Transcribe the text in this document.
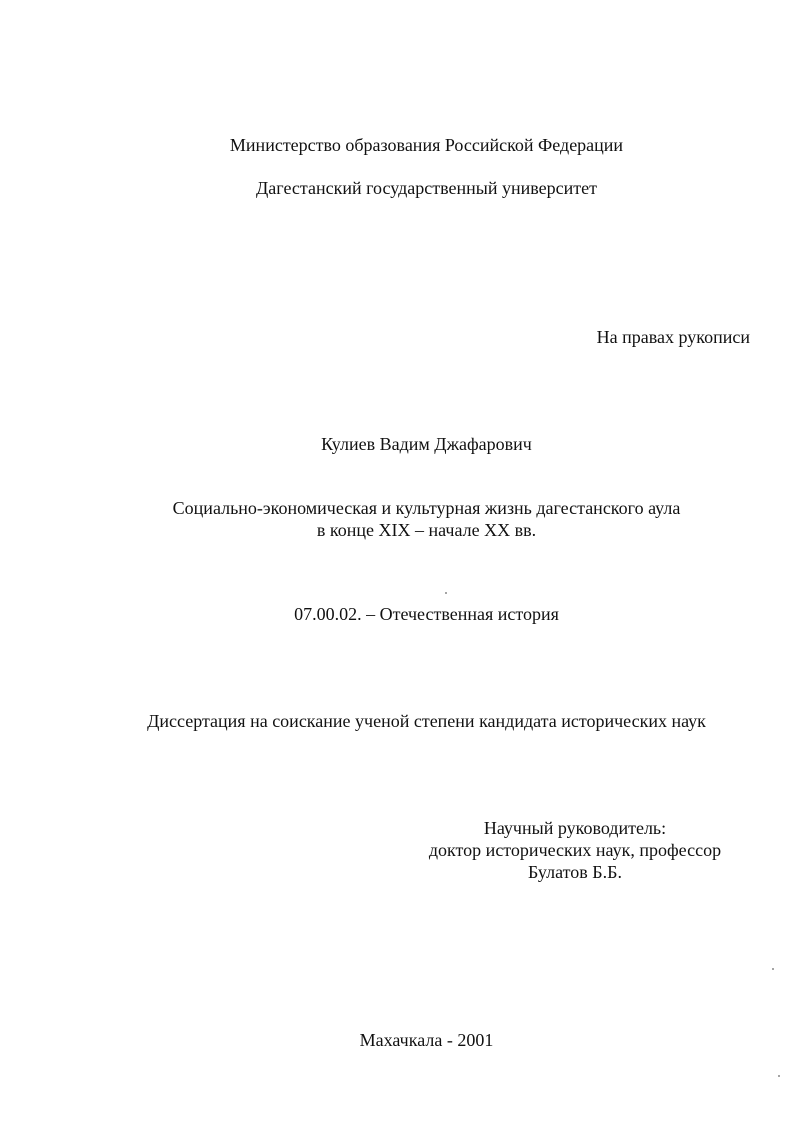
Министерство образования Российской Федерации
Дагестанский государственный университет
На правах рукописи
Кулиев Вадим Джафарович
Социально-экономическая и культурная жизнь дагестанского аула
в конце XIX – начале XX вв.
07.00.02. – Отечественная история
Диссертация на соискание ученой степени кандидата исторических наук
Научный руководитель:
доктор исторических наук, профессор
Булатов Б.Б.
Махачкала - 2001
